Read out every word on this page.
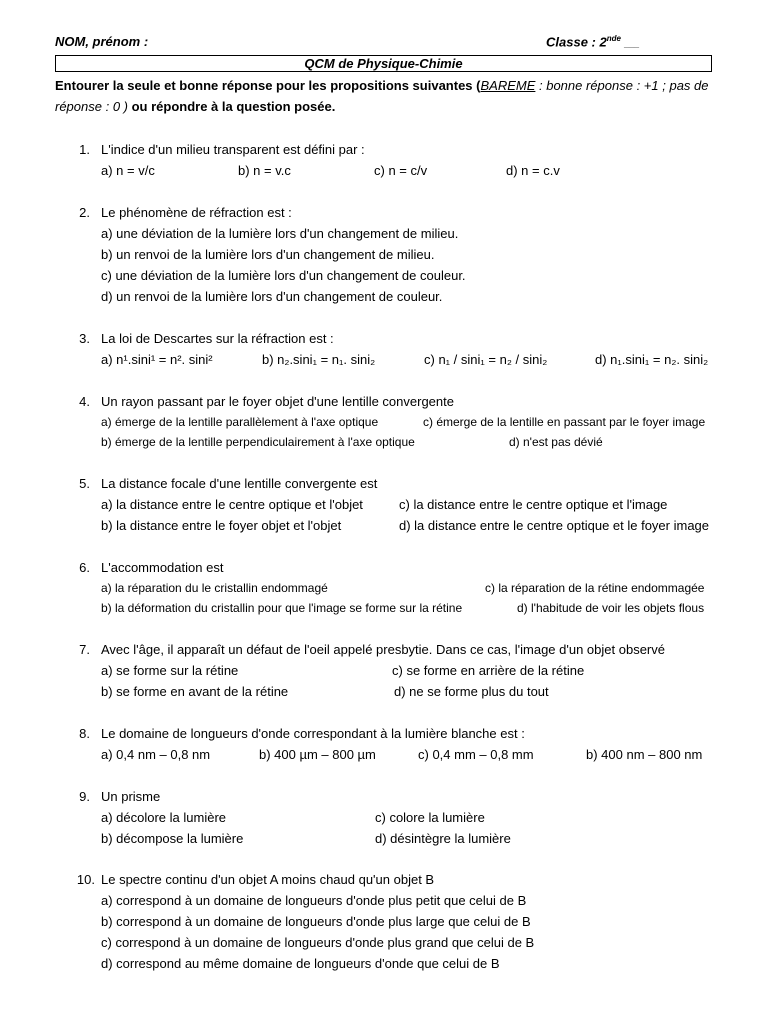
NOM, prénom :	Classe : 2nde ___
QCM de Physique-Chimie
Entourer la seule et bonne réponse pour les propositions suivantes (BAREME : bonne réponse : +1 ; pas de réponse : 0 ) ou répondre à la question posée.
1. L'indice d'un milieu transparent est défini par :
a) n = v/c	b) n = v.c	c) n = c/v	d) n = c.v
2. Le phénomène de réfraction est :
a) une déviation de la lumière lors d'un changement de milieu.
b) un renvoi de la lumière lors d'un changement de milieu.
c) une déviation de la lumière lors d'un changement de couleur.
d) un renvoi de la lumière lors d'un changement de couleur.
3. La loi de Descartes sur la réfraction est :
a) n¹.sini¹ = n². sini²	b) n₂.sini₁ = n₁. sini₂	c) n₁ / sini₁ = n₂ / sini₂	d) n₁.sini₁ = n₂. sini₂
4. Un rayon passant par le foyer objet d'une lentille convergente
a) émerge de la lentille parallèlement à l'axe optique	c) émerge de la lentille en passant par le foyer image
b) émerge de la lentille perpendiculairement à l'axe optique	d) n'est pas dévié
5. La distance focale d'une lentille convergente est
a) la distance entre le centre optique et l'objet	c) la distance entre le centre optique et l'image
b) la distance entre le foyer objet et l'objet	d) la distance entre le centre optique et le foyer image
6. L'accommodation est
a) la réparation du le cristallin endommagé	c) la réparation de la rétine endommagée
b) la déformation du cristallin pour que l'image se forme sur la rétine	d) l'habitude de voir les objets flous
7. Avec l'âge, il apparaît un défaut de l'oeil appelé presbytie. Dans ce cas, l'image d'un objet observé
a) se forme sur la rétine	c) se forme en arrière de la rétine
b) se forme en avant de la rétine	d) ne se forme plus du tout
8. Le domaine de longueurs d'onde correspondant à la lumière blanche est :
a) 0,4 nm – 0,8 nm	b) 400 µm – 800 µm	c) 0,4 mm – 0,8 mm	b) 400 nm – 800 nm
9. Un prisme
a) décolore la lumière	c) colore la lumière
b) décompose la lumière	d) désintègre la lumière
10. Le spectre continu d'un objet A moins chaud qu'un objet B
a) correspond à un domaine de longueurs d'onde plus petit que celui de B
b) correspond à un domaine de longueurs d'onde plus large que celui de B
c) correspond à un domaine de longueurs d'onde plus grand que celui de B
d) correspond au même domaine de longueurs d'onde que celui de B
